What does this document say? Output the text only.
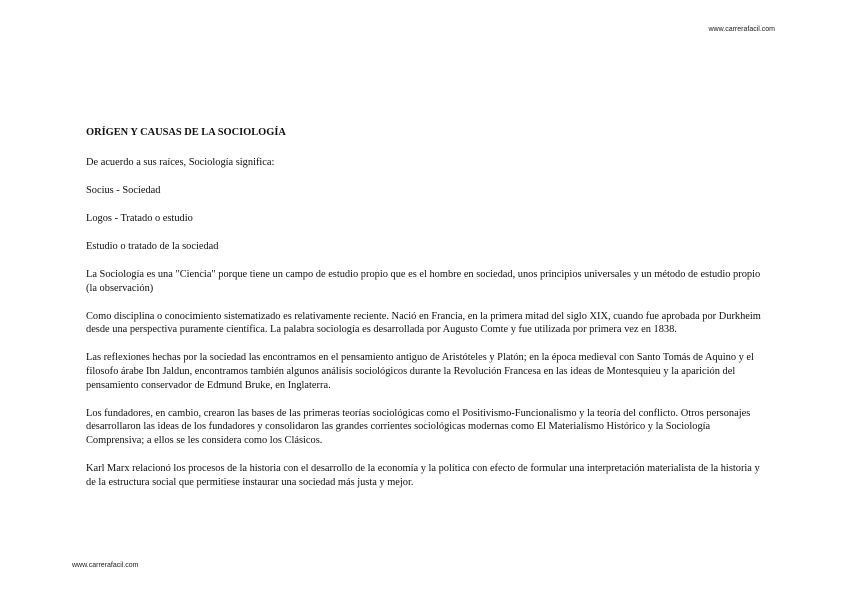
www.carrerafacil.com

ORÍGEN Y CAUSAS DE LA SOCIOLOGÍA

De acuerdo a sus raíces, Sociología significa:

Socius - Sociedad

Logos - Tratado o estudio

Estudio o tratado de la sociedad

La Sociología es una "Ciencia" porque tiene un campo de estudio propio que es el hombre en sociedad, unos principios universales y un método de estudio propio (la observación)

Como disciplina o conocimiento sistematizado es relativamente reciente. Nació en Francia, en la primera mitad del siglo XIX, cuando fue aprobada por Durkheim desde una perspectiva puramente científica. La palabra sociología es desarrollada por Augusto Comte y fue utilizada por primera vez en 1838.

Las reflexiones hechas por la sociedad las encontramos en el pensamiento antiguo de Aristóteles y Platón; en la época medieval con Santo Tomás de Aquino y el filosofo árabe Ibn Jaldun, encontramos también algunos análisis sociológicos durante la Revolución Francesa en las ideas de Montesquieu y la aparición del pensamiento conservador de Edmund Bruke, en Inglaterra.

Los fundadores, en cambio, crearon las bases de las primeras teorías sociológicas como el Positivismo-Funcionalismo y la teoría del conflicto. Otros personajes desarrollaron las ideas de los fundadores y consolidaron las grandes corrientes sociológicas modernas como El Materialismo Histórico y la Sociología Comprensiva; a ellos se les considera como los Clásicos.

Karl Marx relacionó los procesos de la historia con el desarrollo de la economía y la política con efecto de formular una interpretación materialista de la historia y de la estructura social que permitiese instaurar una sociedad más justa y mejor.

www.carrerafacil.com
